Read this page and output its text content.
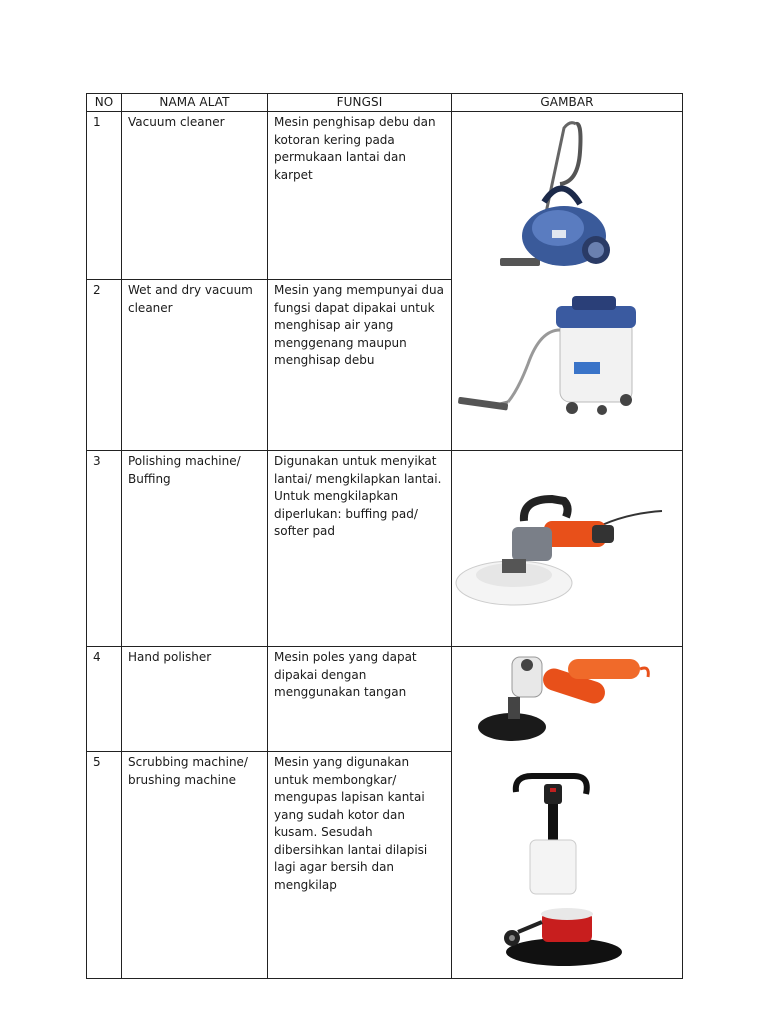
NO	NAMA ALAT	FUNGSI	GAMBAR

1	Vacuum cleaner	Mesin penghisap debu dan kotoran kering pada permukaan lantai dan karpet

2	Wet and dry vacuum cleaner	Mesin yang mempunyai dua fungsi dapat dipakai untuk menghisap air yang menggenang maupun menghisap debu

3	Polishing machine/ Buffing	Digunakan untuk menyikat lantai/ mengkilapkan lantai. Untuk mengkilapkan diperlukan: buffing pad/ softer pad

4	Hand polisher	Mesin poles yang dapat dipakai dengan menggunakan tangan

5	Scrubbing machine/ brushing machine	Mesin yang digunakan untuk membongkar/ mengupas lapisan kantai yang sudah kotor dan kusam. Sesudah dibersihkan lantai dilapisi lagi agar bersih dan mengkilap
